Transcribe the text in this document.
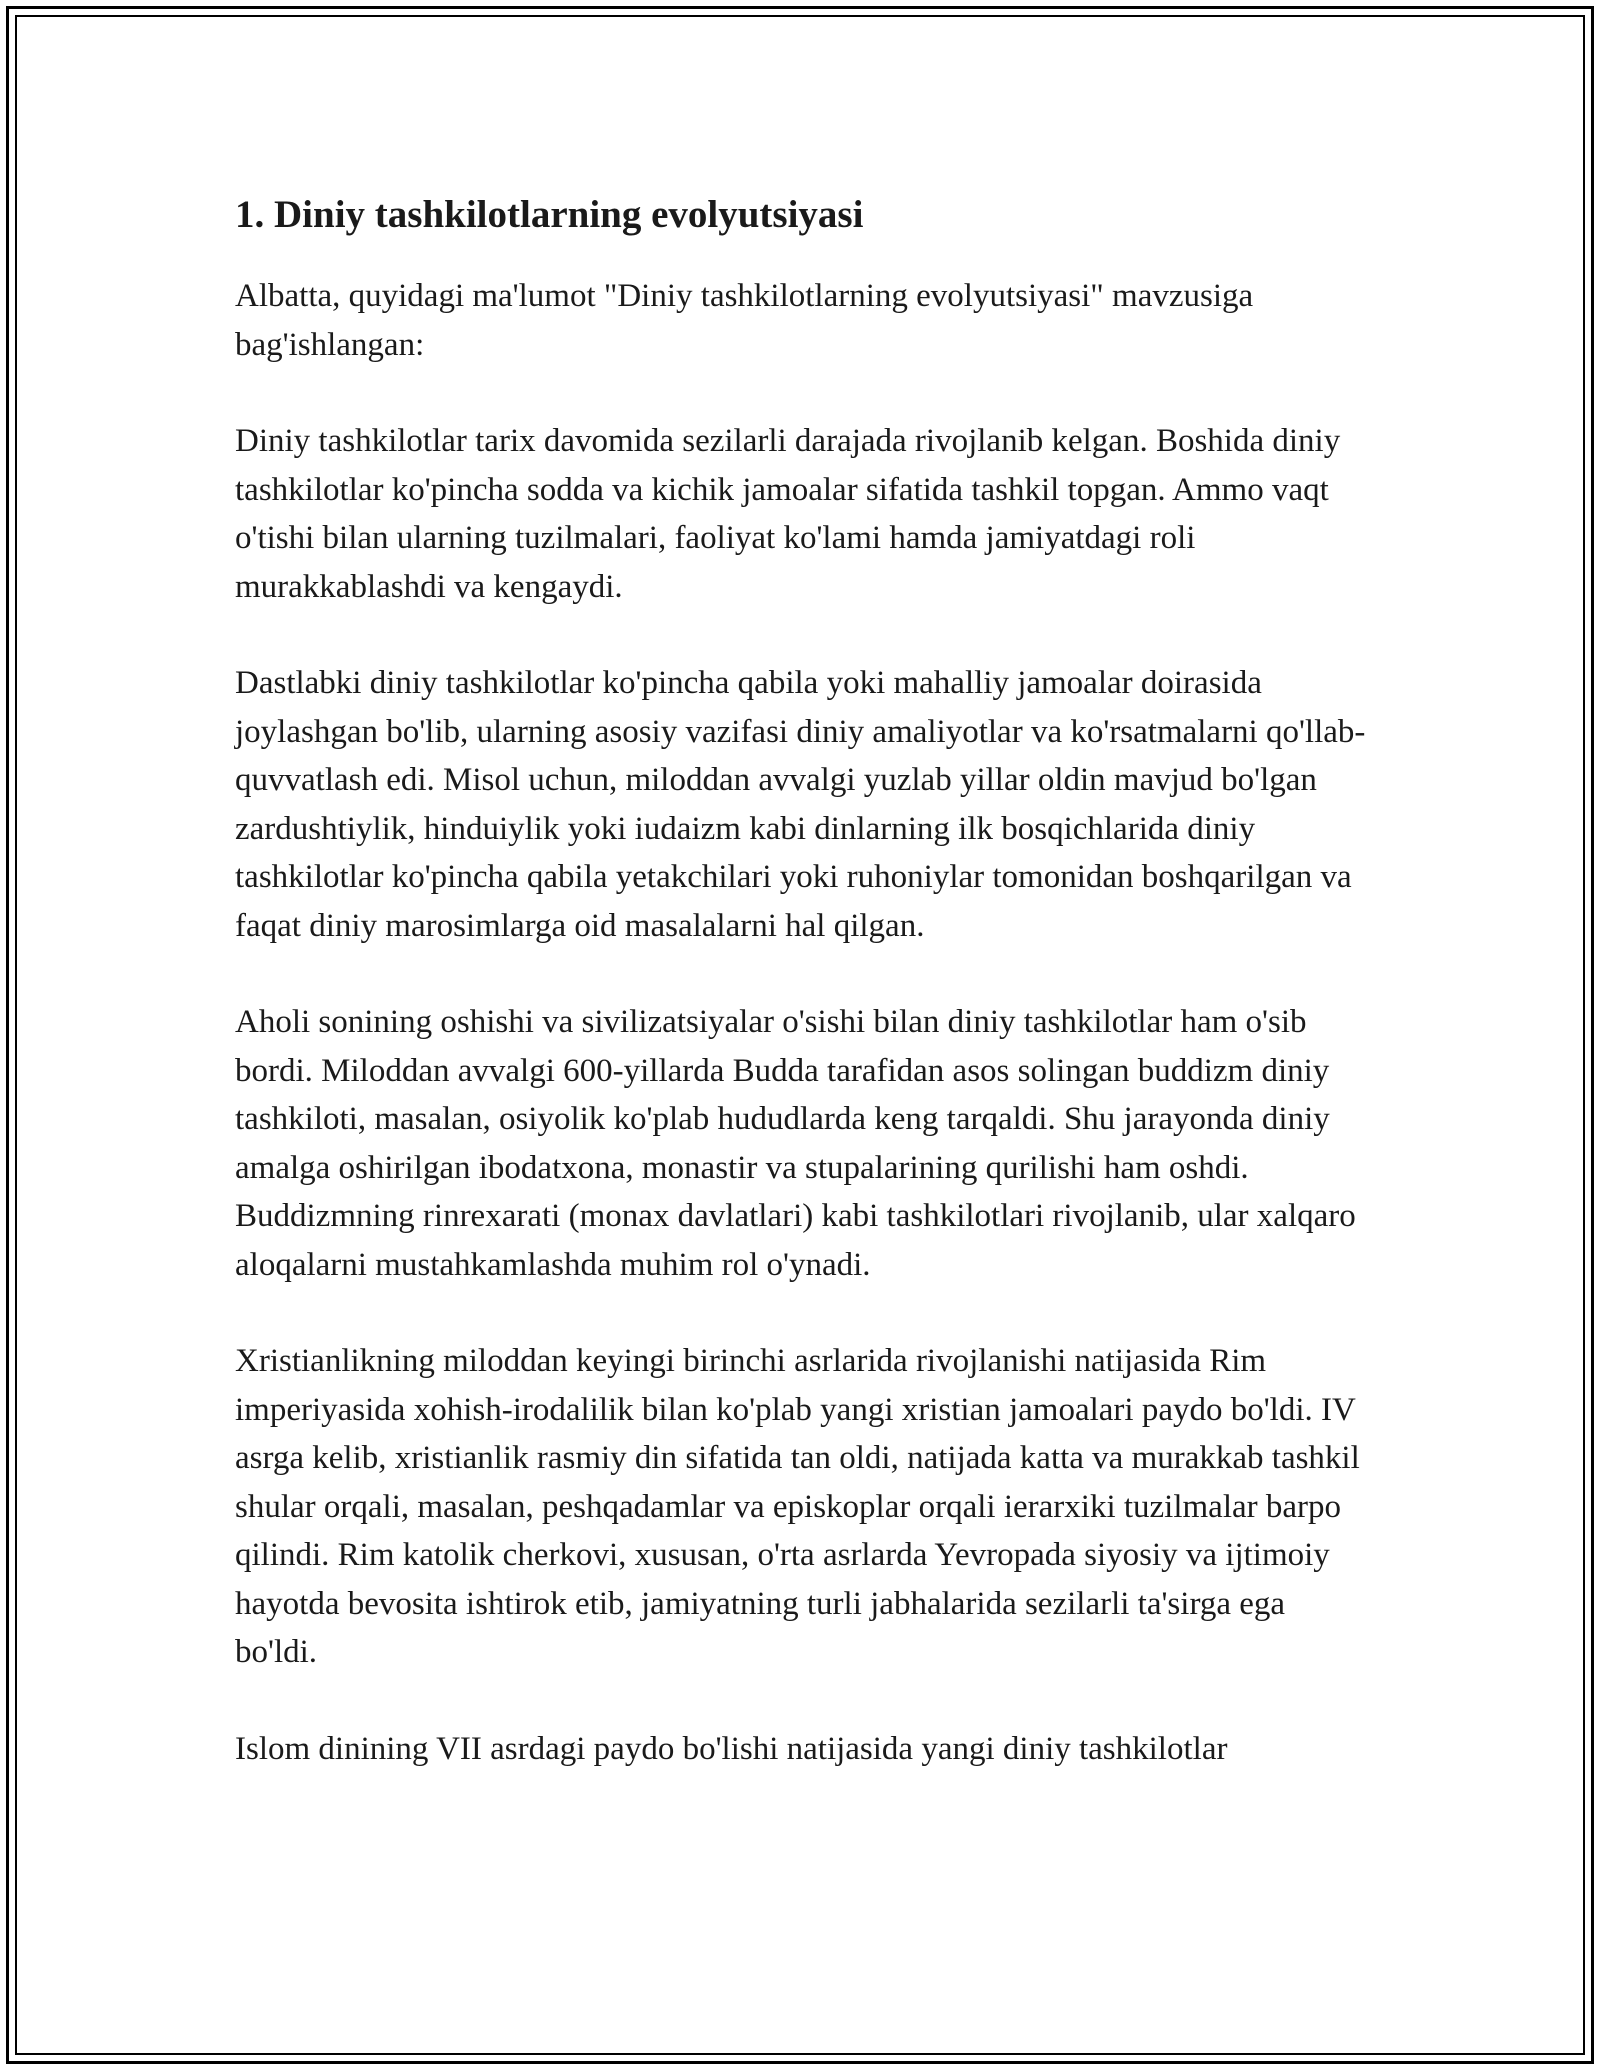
1. Diniy tashkilotlarning evolyutsiyasi

Albatta, quyidagi ma'lumot "Diniy tashkilotlarning evolyutsiyasi" mavzusiga bag'ishlangan:

Diniy tashkilotlar tarix davomida sezilarli darajada rivojlanib kelgan. Boshida diniy tashkilotlar ko'pincha sodda va kichik jamoalar sifatida tashkil topgan. Ammo vaqt o'tishi bilan ularning tuzilmalari, faoliyat ko'lami hamda jamiyatdagi roli murakkablashdi va kengaydi.

Dastlabki diniy tashkilotlar ko'pincha qabila yoki mahalliy jamoalar doirasida joylashgan bo'lib, ularning asosiy vazifasi diniy amaliyotlar va ko'rsatmalarni qo'llab-quvvatlash edi. Misol uchun, miloddan avvalgi yuzlab yillar oldin mavjud bo'lgan zardushtiylik, hinduiylik yoki iudaizm kabi dinlarning ilk bosqichlarida diniy tashkilotlar ko'pincha qabila yetakchilari yoki ruhoniylar tomonidan boshqarilgan va faqat diniy marosimlarga oid masalalarni hal qilgan.

Aholi sonining oshishi va sivilizatsiyalar o'sishi bilan diniy tashkilotlar ham o'sib bordi. Miloddan avvalgi 600-yillarda Budda tarafidan asos solingan buddizm diniy tashkiloti, masalan, osiyolik ko'plab hududlarda keng tarqaldi. Shu jarayonda diniy amalga oshirilgan ibodatxona, monastir va stupalarining qurilishi ham oshdi. Buddizmning rinrexarati (monax davlatlari) kabi tashkilotlari rivojlanib, ular xalqaro aloqalarni mustahkamlashda muhim rol o'ynadi.

Xristianlikning miloddan keyingi birinchi asrlarida rivojlanishi natijasida Rim imperiyasida xohish-irodalilik bilan ko'plab yangi xristian jamoalari paydo bo'ldi. IV asrga kelib, xristianlik rasmiy din sifatida tan oldi, natijada katta va murakkab tashkil shular orqali, masalan, peshqadamlar va episkoplar orqali ierarxiki tuzilmalar barpo qilindi. Rim katolik cherkovi, xususan, o'rta asrlarda Yevropada siyosiy va ijtimoiy hayotda bevosita ishtirok etib, jamiyatning turli jabhalarida sezilarli ta'sirga ega bo'ldi.

Islom dinining VII asrdagi paydo bo'lishi natijasida yangi diniy tashkilotlar
